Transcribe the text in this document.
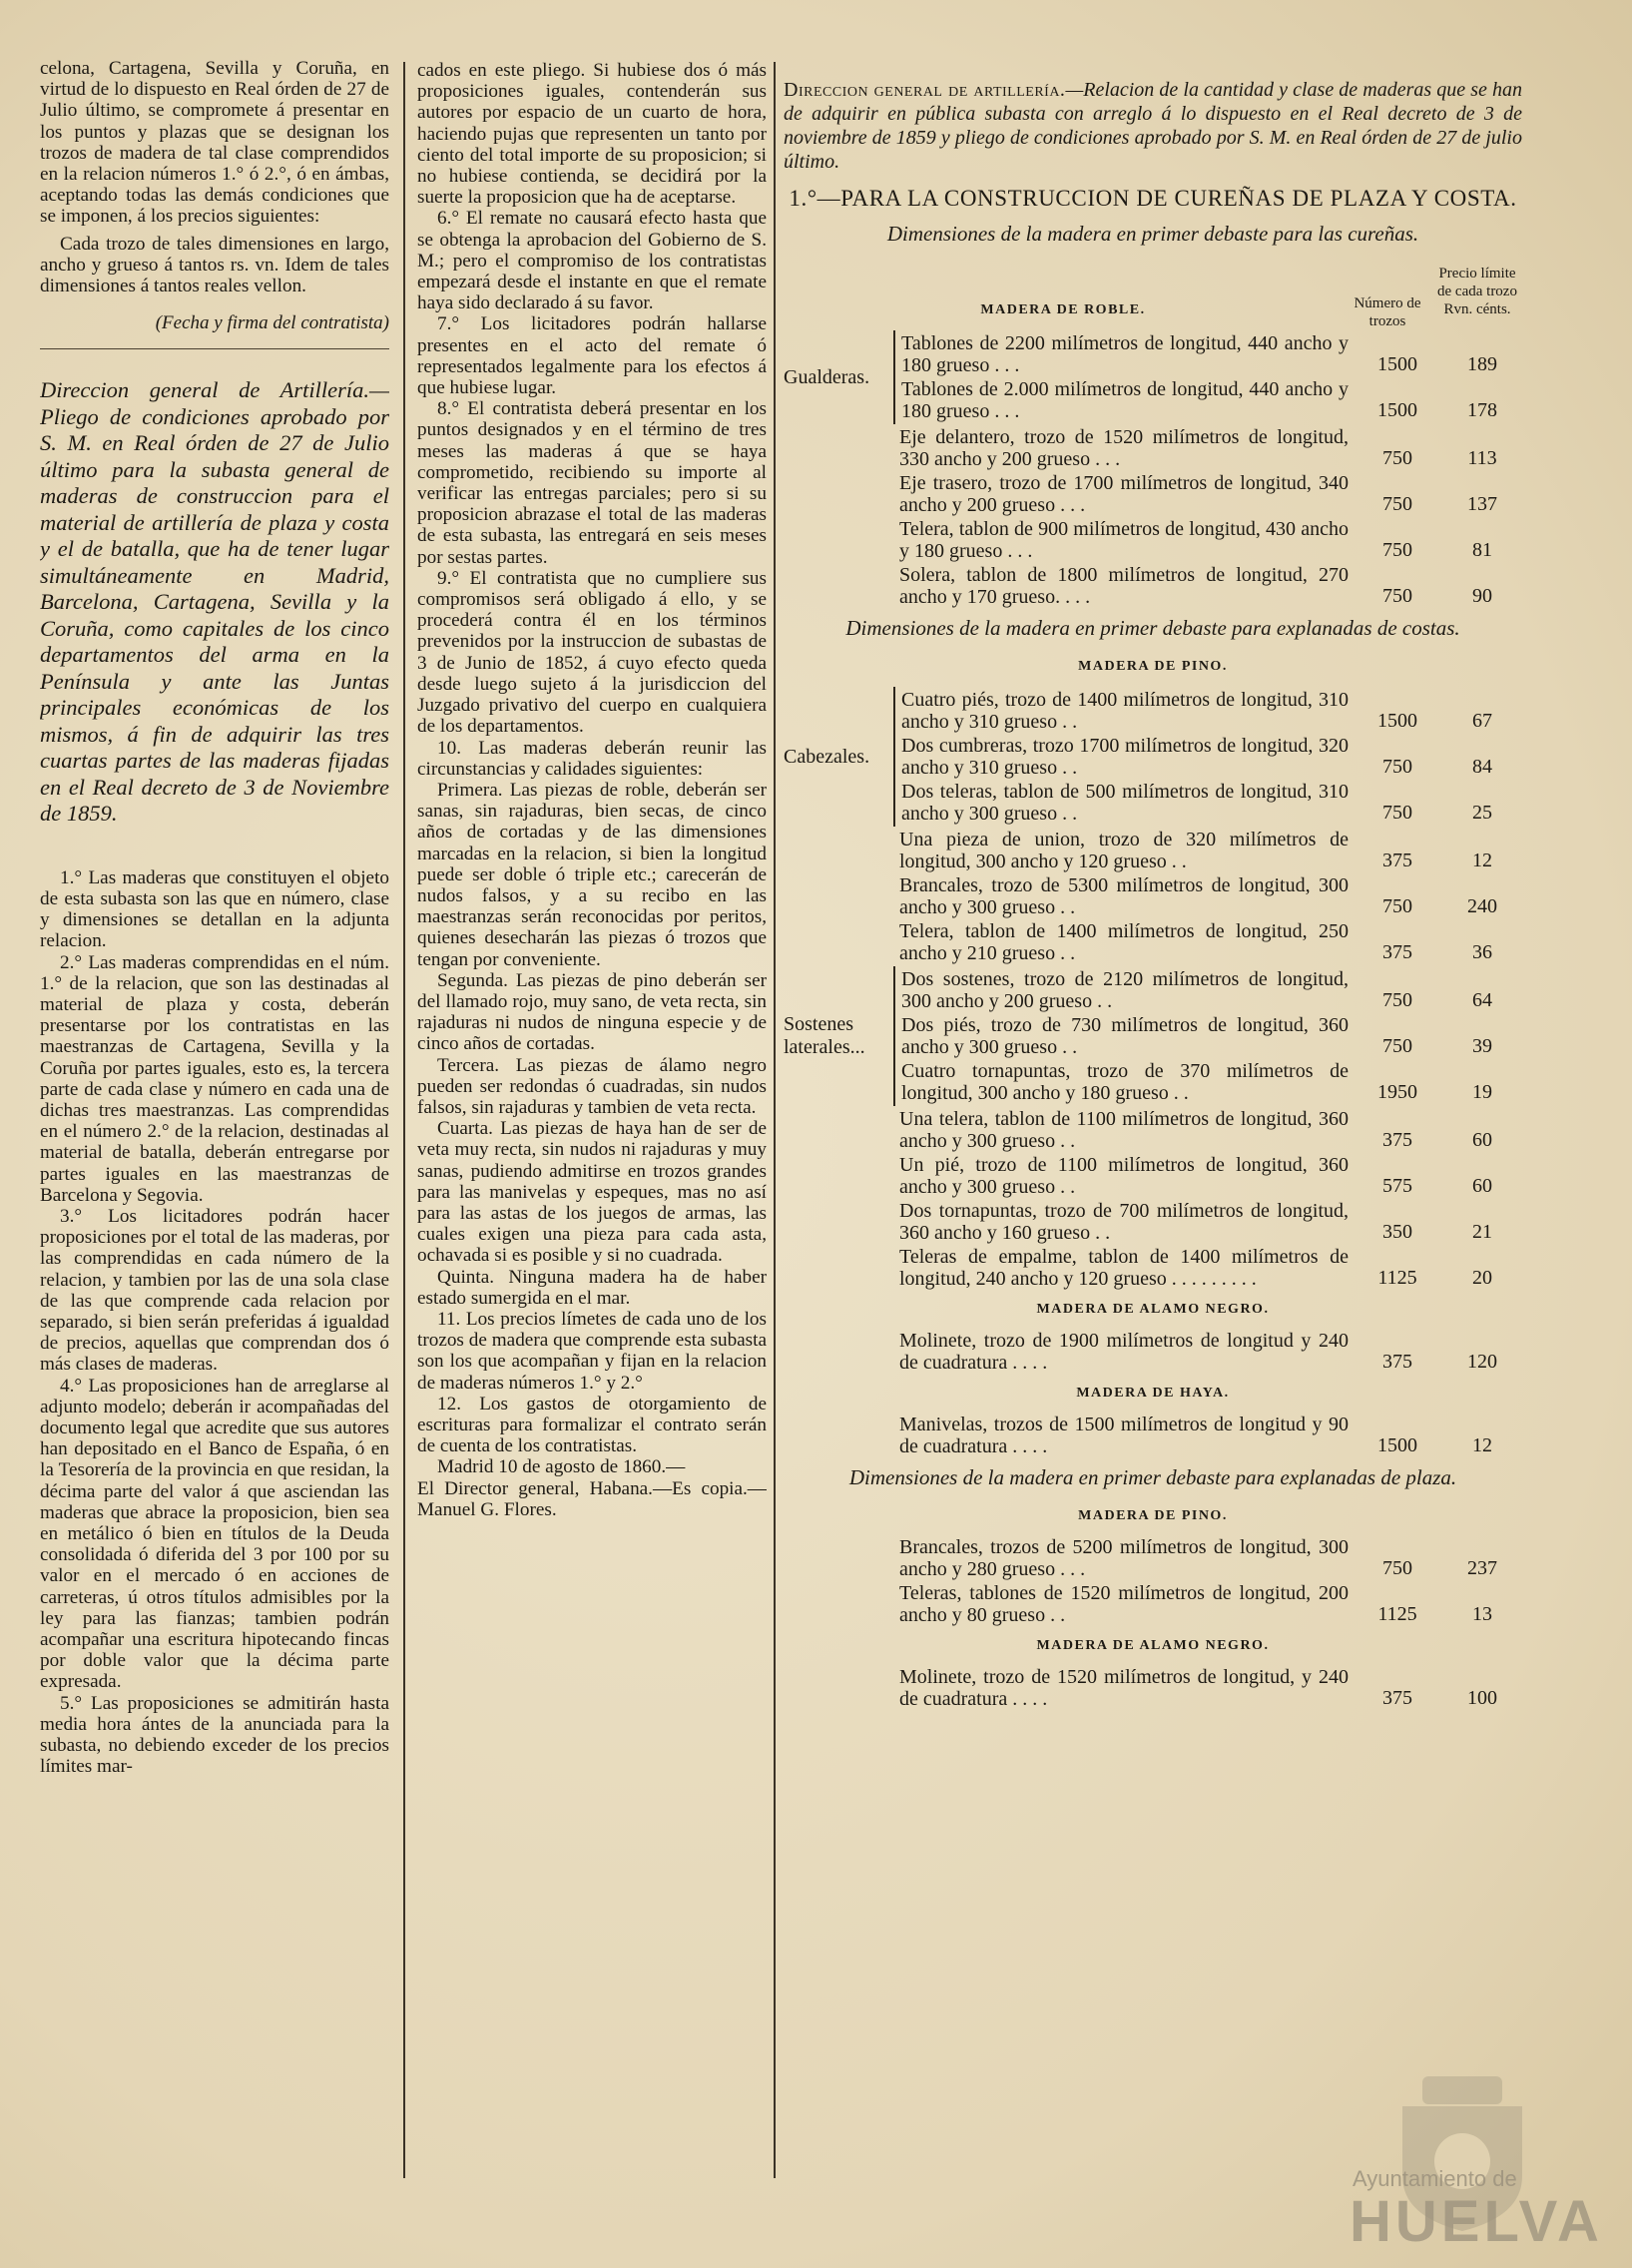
celona, Cartagena, Sevilla y Coruña, en virtud de lo dispuesto en Real órden de 27 de Julio último, se compromete á presentar en los puntos y plazas que se designan los trozos de madera de tal clase comprendidos en la relacion números 1.° ó 2.°, ó en ámbas, aceptando todas las demás condiciones que se imponen, á los precios siguientes:

Cada trozo de tales dimensiones en largo, ancho y grueso á tantos rs. vn. Idem de tales dimensiones á tantos reales vellon.

(Fecha y firma del contratista)
Direccion general de Artillería.—Pliego de condiciones aprobado por S. M. en Real órden de 27 de Julio último para la subasta general de maderas de construccion para el material de artillería de plaza y costa y el de batalla, que ha de tener lugar simultáneamente en Madrid, Barcelona, Cartagena, Sevilla y la Coruña, como capitales de los cinco departamentos del arma en la Península y ante las Juntas principales económicas de los mismos, á fin de adquirir las tres cuartas partes de las maderas fijadas en el Real decreto de 3 de Noviembre de 1859.

1.° Las maderas que constituyen el objeto de esta subasta son las que en número, clase y dimensiones se detallan en la adjunta relacion.

2.° Las maderas comprendidas en el núm. 1.° de la relacion, que son las destinadas al material de plaza y costa, deberán presentarse por los contratistas en las maestranzas de Cartagena, Sevilla y la Coruña por partes iguales, esto es, la tercera parte de cada clase y número en cada una de dichas tres maestranzas. Las comprendidas en el número 2.° de la relacion, destinadas al material de batalla, deberán entregarse por partes iguales en las maestranzas de Barcelona y Segovia.

3.° Los licitadores podrán hacer proposiciones por el total de las maderas, por las comprendidas en cada número de la relacion, y tambien por las de una sola clase de las que comprende cada relacion por separado, si bien serán preferidas á igualdad de precios, aquellas que comprendan dos ó más clases de maderas.

4.° Las proposiciones han de arreglarse al adjunto modelo; deberán ir acompañadas del documento legal que acredite que sus autores han depositado en el Banco de España, ó en la Tesorería de la provincia en que residan, la décima parte del valor á que asciendan las maderas que abrace la proposicion, bien sea en metálico ó bien en títulos de la Deuda consolidada ó diferida del 3 por 100 por su valor en el mercado ó en acciones de carreteras, ú otros títulos admisibles por la ley para las fianzas; tambien podrán acompañar una escritura hipotecando fincas por doble valor que la décima parte expresada.

5.° Las proposiciones se admitirán hasta media hora ántes de la anunciada para la subasta, no debiendo exceder de los precios límites mar-

cados en este pliego. Si hubiese dos ó más proposiciones iguales, contenderán sus autores por espacio de un cuarto de hora, haciendo pujas que representen un tanto por ciento del total importe de su proposicion; si no hubiese contienda, se decidirá por la suerte la proposicion que ha de aceptarse.

6.° El remate no causará efecto hasta que se obtenga la aprobacion del Gobierno de S. M.; pero el compromiso de los contratistas empezará desde el instante en que el remate haya sido declarado á su favor.

7.° Los licitadores podrán hallarse presentes en el acto del remate ó representados legalmente para los efectos á que hubiese lugar.

8.° El contratista deberá presentar en los puntos designados y en el término de tres meses las maderas á que se haya comprometido, recibiendo su importe al verificar las entregas parciales; pero si su proposicion abrazase el total de las maderas de esta subasta, las entregará en seis meses por sestas partes.

9.° El contratista que no cumpliere sus compromisos será obligado á ello, y se procederá contra él en los términos prevenidos por la instruccion de subastas de 3 de Junio de 1852, á cuyo efecto queda desde luego sujeto á la jurisdiccion del Juzgado privativo del cuerpo en cualquiera de los departamentos.

10. Las maderas deberán reunir las circunstancias y calidades siguientes:

Primera. Las piezas de roble, deberán ser sanas, sin rajaduras, bien secas, de cinco años de cortadas y de las dimensiones marcadas en la relacion, si bien la longitud puede ser doble ó triple etc.; carecerán de nudos falsos, y a su recibo en las maestranzas serán reconocidas por peritos, quienes desecharán las piezas ó trozos que tengan por conveniente.

Segunda. Las piezas de pino deberán ser del llamado rojo, muy sano, de veta recta, sin rajaduras ni nudos de ninguna especie y de cinco años de cortadas.

Tercera. Las piezas de álamo negro pueden ser redondas ó cuadradas, sin nudos falsos, sin rajaduras y tambien de veta recta.

Cuarta. Las piezas de haya han de ser de veta muy recta, sin nudos ni rajaduras y muy sanas, pudiendo admitirse en trozos grandes para las manivelas y espeques, mas no así para las astas de los juegos de armas, las cuales exigen una pieza para cada asta, ochavada si es posible y si no cuadrada.

Quinta. Ninguna madera ha de haber estado sumergida en el mar.

11. Los precios límetes de cada uno de los trozos de madera que comprende esta subasta son los que acompañan y fijan en la relacion de maderas números 1.° y 2.°

12. Los gastos de otorgamiento de escrituras para formalizar el contrato serán de cuenta de los contratistas.

Madrid 10 de agosto de 1860.—

El Director general, Habana.—Es copia.—Manuel G. Flores.

Direccion general de artillería.—Relacion de la cantidad y clase de maderas que se han de adquirir en pública subasta con arreglo á lo dispuesto en el Real decreto de 3 de noviembre de 1859 y pliego de condiciones aprobado por S. M. en Real órden de 27 de julio último.
1.°—PARA LA CONSTRUCCION DE CUREÑAS DE PLAZA Y COSTA.
Dimensiones de la madera en primer debaste para las cureñas.
MADERA DE ROBLE.	Número de trozos
Precio límite de cada trozo Rvn. cénts.
Gualderas.
Tablones de 2200 milímetros de longitud, 440 ancho y 180 grueso . . .	1500	189
Tablones de 2.000 milímetros de longitud, 440 ancho y 180 grueso . . .	1500	178
Eje delantero, trozo de 1520 milímetros de longitud, 330 ancho y 200 grueso . . .	750	113
Eje trasero, trozo de 1700 milímetros de longitud, 340 ancho y 200 grueso . . .	750	137
Telera, tablon de 900 milímetros de longitud, 430 ancho y 180 grueso . . .	750	81
Solera, tablon de 1800 milímetros de longitud, 270 ancho y 170 grueso. . . .	750	90
Dimensiones de la madera en primer debaste para explanadas de costas.
MADERA DE PINO.
Cabezales.
Cuatro piés, trozo de 1400 milímetros de longitud, 310 ancho y 310 grueso . .	1500	67
Dos cumbreras, trozo 1700 milímetros de longitud, 320 ancho y 310 grueso . .	750	84
Dos teleras, tablon de 500 milímetros de longitud, 310 ancho y 300 grueso . .	750	25
Una pieza de union, trozo de 320 milímetros de longitud, 300 ancho y 120 grueso . .	375	12
Brancales, trozo de 5300 milímetros de longitud, 300 ancho y 300 grueso . .	750	240
Telera, tablon de 1400 milímetros de longitud, 250 ancho y 210 grueso . .	375	36
Sostenes laterales...
Dos sostenes, trozo de 2120 milímetros de longitud, 300 ancho y 200 grueso . .	750	64
Dos piés, trozo de 730 milímetros de longitud, 360 ancho y 300 grueso . .	750	39
Cuatro tornapuntas, trozo de 370 milímetros de longitud, 300 ancho y 180 grueso . .	1950	19
Una telera, tablon de 1100 milímetros de longitud, 360 ancho y 300 grueso . .	375	60
Un pié, trozo de 1100 milímetros de longitud, 360 ancho y 300 grueso . .	575	60
Dos tornapuntas, trozo de 700 milímetros de longitud, 360 ancho y 160 grueso . .	350	21
Teleras de empalme, tablon de 1400 milímetros de longitud, 240 ancho y 120 grueso . . . . . . . . .	1125	20
MADERA DE ALAMO NEGRO.
Molinete, trozo de 1900 milímetros de longitud y 240 de cuadratura . . . .	375	120
MADERA DE HAYA.
Manivelas, trozos de 1500 milímetros de longitud y 90 de cuadratura . . . .	1500	12
Dimensiones de la madera en primer debaste para explanadas de plaza.
MADERA DE PINO.
Brancales, trozos de 5200 milímetros de longitud, 300 ancho y 280 grueso . . .	750	237
Teleras, tablones de 1520 milímetros de longitud, 200 ancho y 80 grueso . .	1125	13
MADERA DE ALAMO NEGRO.
Molinete, trozo de 1520 milímetros de longitud, y 240 de cuadratura . . . .	375	100
Ayuntamiento de
HUELVA
